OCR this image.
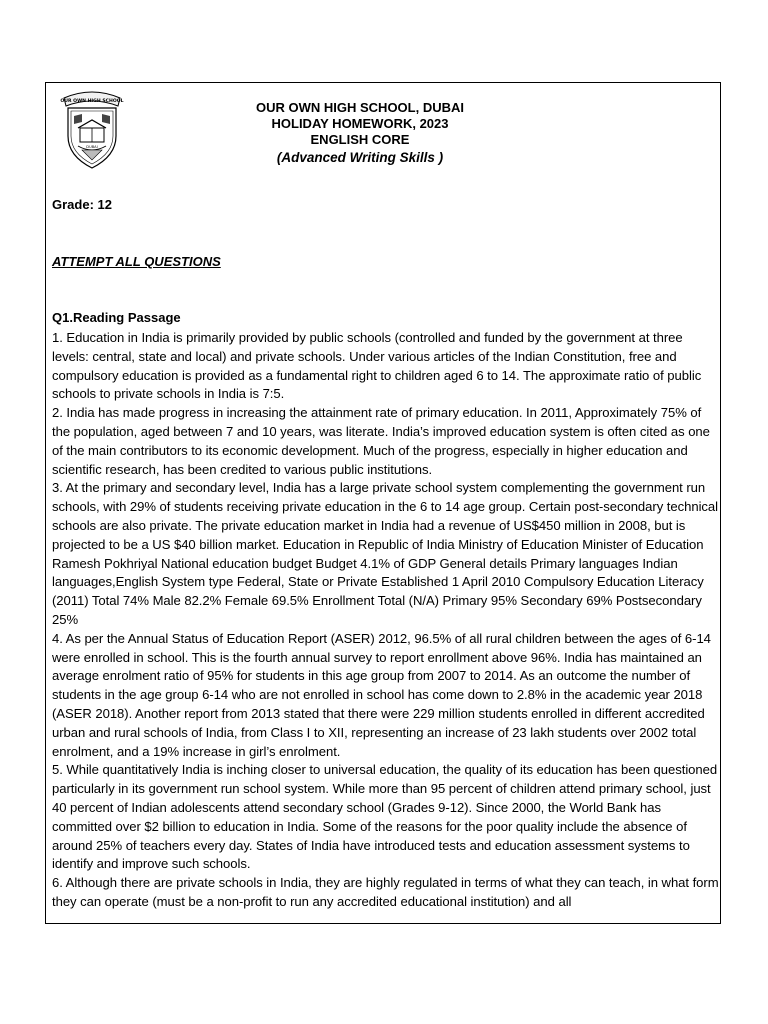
OUR OWN HIGH SCHOOL
DUBAI
OUR OWN HIGH SCHOOL, DUBAI
HOLIDAY HOMEWORK, 2023
ENGLISH CORE
(Advanced Writing Skills )
Grade: 12
ATTEMPT ALL QUESTIONS
Q1.Reading Passage

1. Education in India is primarily provided by public schools (controlled and funded by the government at three levels: central, state and local) and private schools. Under various articles of the Indian Constitution, free and compulsory education is provided as a fundamental right to children aged 6 to 14. The approximate ratio of public schools to private schools in India is 7:5.

2. India has made progress in increasing the attainment rate of primary education. In 2011, Approximately 75% of the population, aged between 7 and 10 years, was literate. India’s improved education system is often cited as one of the main contributors to its economic development. Much of the progress, especially in higher education and scientific research, has been credited to various public institutions.

3. At the primary and secondary level, India has a large private school system complementing the government run schools, with 29% of students receiving private education in the 6 to 14 age group. Certain post-secondary technical schools are also private. The private education market in India had a revenue of US$450 million in 2008, but is projected to be a US $40 billion market. Education in Republic of India Ministry of Education Minister of Education Ramesh Pokhriyal National education budget Budget 4.1% of GDP General details Primary languages Indian languages,English System type Federal, State or Private Established 1 April 2010 Compulsory Education Literacy (2011) Total 74% Male 82.2% Female 69.5% Enrollment Total (N/A) Primary 95% Secondary 69% Postsecondary 25%

4. As per the Annual Status of Education Report (ASER) 2012, 96.5% of all rural children between the ages of 6-14 were enrolled in school. This is the fourth annual survey to report enrollment above 96%. India has maintained an average enrolment ratio of 95% for students in this age group from 2007 to 2014. As an outcome the number of students in the age group 6-14 who are not enrolled in school has come down to 2.8% in the academic year 2018 (ASER 2018). Another report from 2013 stated that there were 229 million students enrolled in different accredited urban and rural schools of India, from Class I to XII, representing an increase of 23 lakh students over 2002 total enrolment, and a 19% increase in girl’s enrolment.

5. While quantitatively India is inching closer to universal education, the quality of its education has been questioned particularly in its government run school system. While more than 95 percent of children attend primary school, just 40 percent of Indian adolescents attend secondary school (Grades 9-12). Since 2000, the World Bank has committed over $2 billion to education in India. Some of the reasons for the poor quality include the absence of around 25% of teachers every day. States of India have introduced tests and education assessment systems to identify and improve such schools.

6. Although there are private schools in India, they are highly regulated in terms of what they can teach, in what form they can operate (must be a non-profit to run any accredited educational institution) and all
